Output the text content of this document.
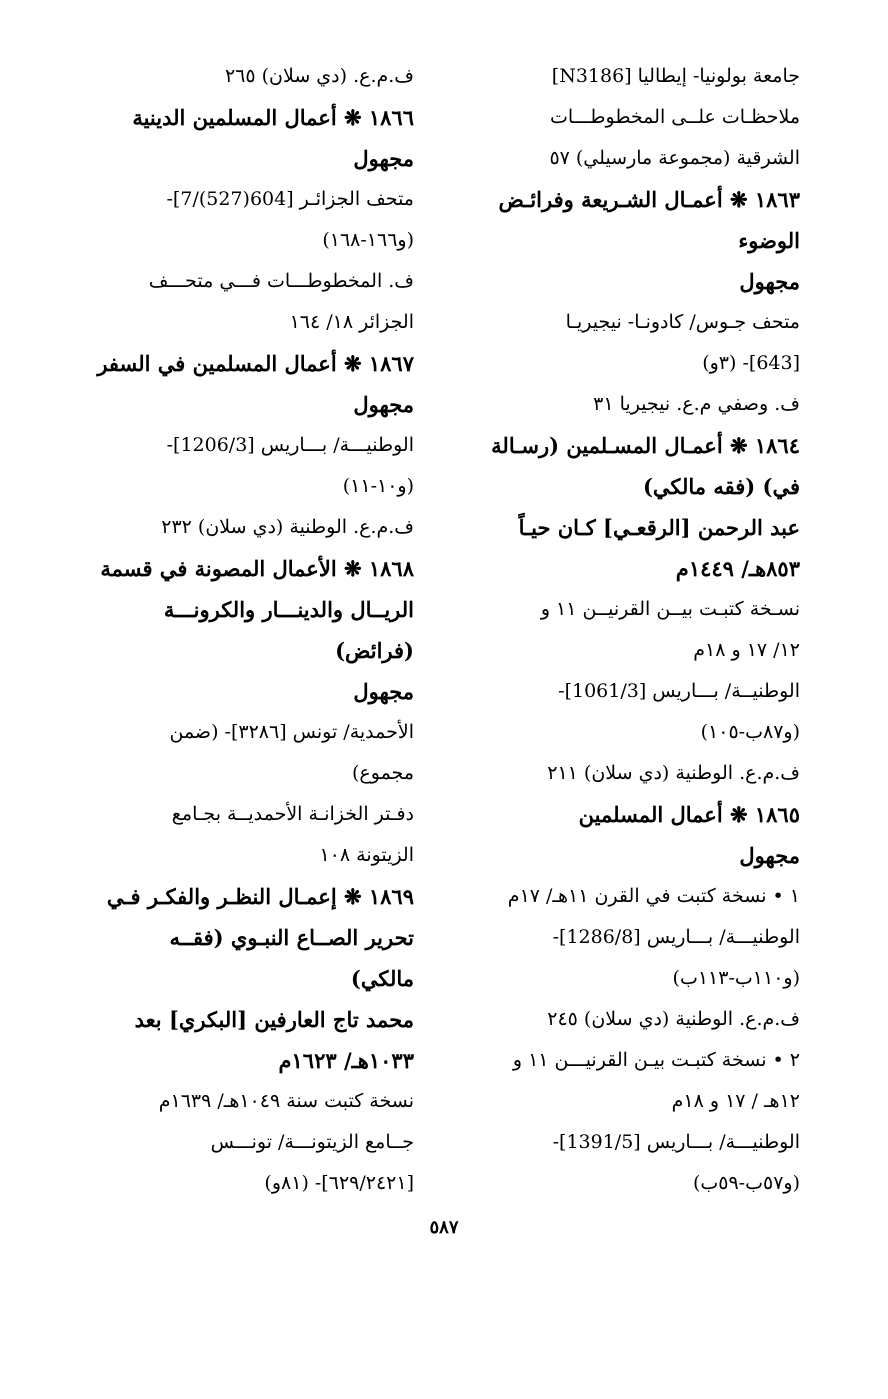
جامعة بولونيا- إيطاليا [N3186]
ملاحظـات علــى المخطوطـــات
الشرقية (مجموعة مارسيلي) ٥٧
١٨٦٣ ❋ أعمـال الشـريعة وفرائـض
الوضوء
مجهول
متحف جـوس/ كادونـا- نيجيريـا
[643]- (٣و)
ف. وصفي م.ع. نيجيريا ٣١
١٨٦٤ ❋ أعمـال المسـلمين (رسـالة
في) (فقه مالكي)
عبد الرحمن [الرقعـي] كـان حيـاً
٨٥٣هـ/ ١٤٤٩م
نسـخة كتبـت بيــن القرنيــن ١١ و
١٢/ ١٧ و ١٨م
الوطنيــة/ بـــاريس [1061/3]-
(و٨٧ب-١٠٥)
ف.م.ع. الوطنية (دي سلان) ٢١١
١٨٦٥ ❋ أعمال المسلمين
مجهول
١ • نسخة كتبت في القرن ١١هـ/ ١٧م
الوطنيـــة/ بـــاريس [1286/8]-
(و١١٠ب-١١٣ب)
ف.م.ع. الوطنية (دي سلان) ٢٤٥
٢ • نسخة كتبـت بيـن القرنيـــن ١١ و
١٢هـ / ١٧ و ١٨م
الوطنيـــة/ بـــاريس [1391/5]-
(و٥٧ب-٥٩ب)
ف.م.ع. (دي سلان) ٢٦٥
١٨٦٦ ❋ أعمال المسلمين الدينية
مجهول
متحف الجزائـر [604(527)/7]-
(و١٦٦-١٦٨)
ف. المخطوطـــات فـــي متحـــف
الجزائر ١٨/ ١٦٤
١٨٦٧ ❋ أعمال المسلمين في السفر
مجهول
الوطنيـــة/ بـــاريس [1206/3]-
(و١٠-١١)
ف.م.ع. الوطنية (دي سلان) ٢٣٢
١٨٦٨ ❋ الأعمال المصونة في قسمة
الريــال والدينـــار والكرونـــة
(فرائض)
مجهول
الأحمدية/ تونس [٣٢٨٦]- (ضمن
مجموع)
دفـتر الخزانـة الأحمديــة بجـامع
الزيتونة ١٠٨
١٨٦٩ ❋ إعمـال النظـر والفكـر فـي
تحرير الصــاع النبـوي (فقــه
مالكي)
محمد تاج العارفين [البكري] بعد
١٠٣٣هـ/ ١٦٢٣م
نسخة كتبت سنة ١٠٤٩هـ/ ١٦٣٩م
جــامع الزيتونـــة/ تونـــس
[٦٢٩/٢٤٢١]- (٨١و)
٥٨٧
